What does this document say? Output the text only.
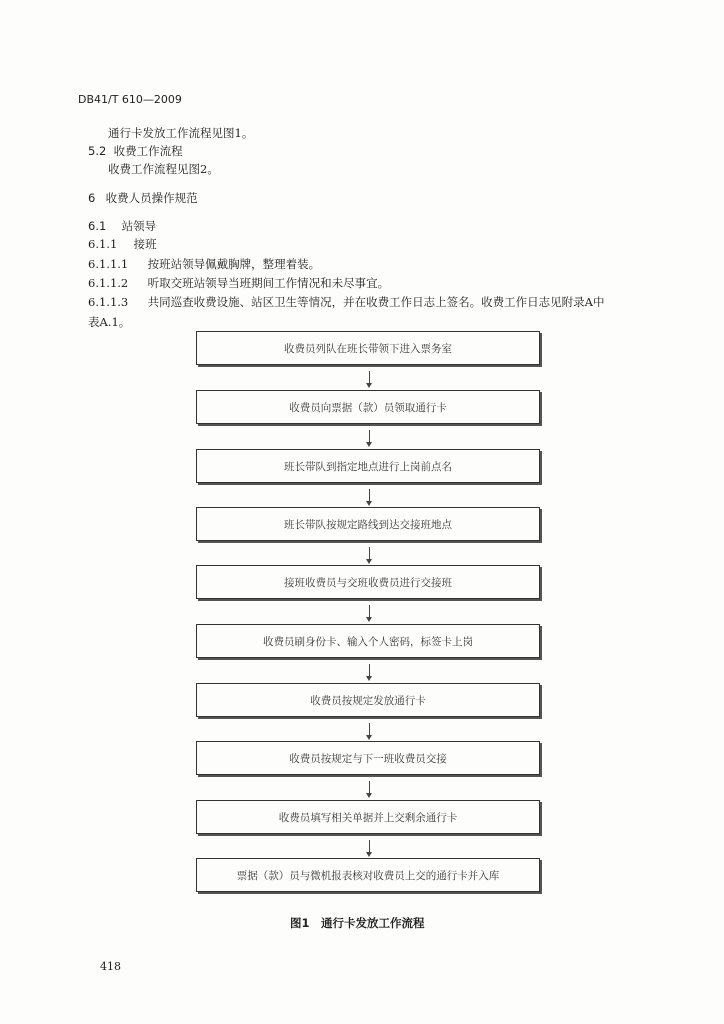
DB41/T 610—2009
通行卡发放工作流程见图1。
5.2 收费工作流程
收费工作流程见图2。
6 收费人员操作规范
6.1 站领导
6.1.1 接班
6.1.1.1 按班站领导佩戴胸牌，整理着装。
6.1.1.2 听取交班站领导当班期间工作情况和未尽事宜。
6.1.1.3 共同巡查收费设施、站区卫生等情况，并在收费工作日志上签名。收费工作日志见附录A中
表A.1。
收费员列队在班长带领下进入票务室
收费员向票据（款）员领取通行卡
班长带队到指定地点进行上岗前点名
班长带队按规定路线到达交接班地点
接班收费员与交班收费员进行交接班
收费员刷身份卡、输入个人密码，标签卡上岗
收费员按规定发放通行卡
收费员按规定与下一班收费员交接
收费员填写相关单据并上交剩余通行卡
票据（款）员与微机报表核对收费员上交的通行卡并入库
图1　通行卡发放工作流程
418
